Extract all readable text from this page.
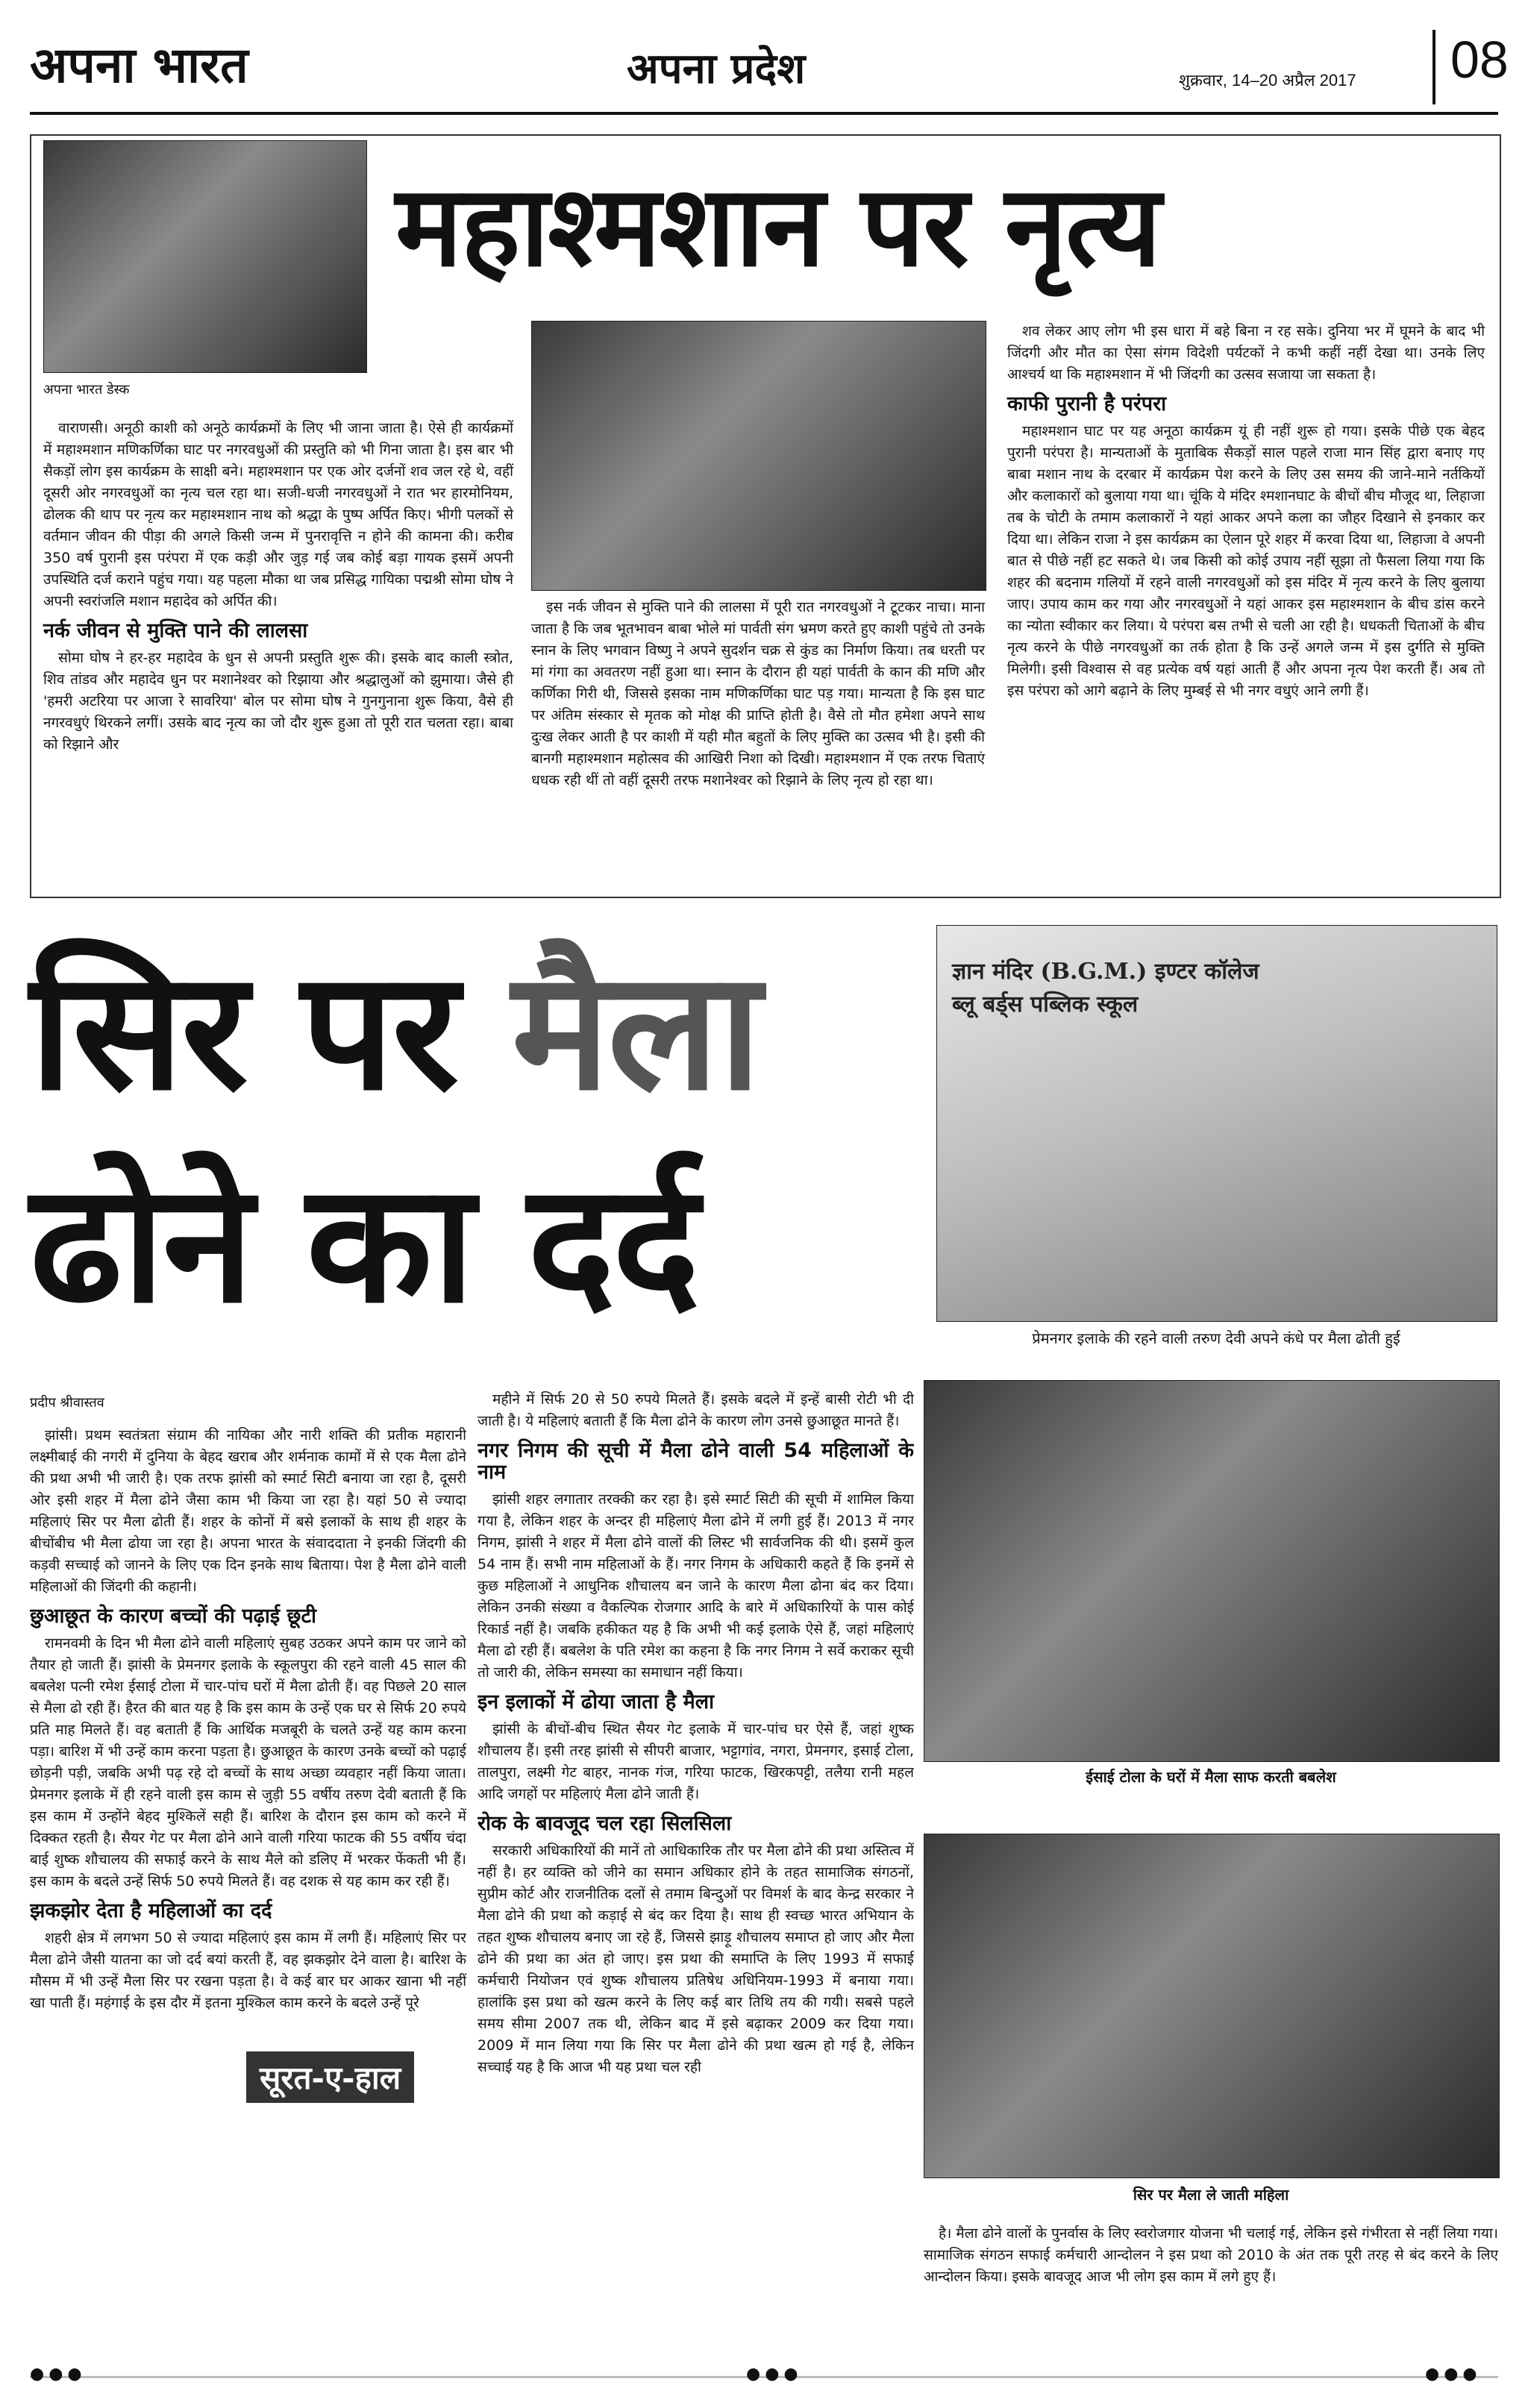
अपना भारत	अपना प्रदेश	शुक्रवार, 14–20 अप्रैल 2017	08
अपना भारत डेस्क
महाश्मशान पर नृत्य

वाराणसी। अनूठी काशी को अनूठे कार्यक्रमों के लिए भी जाना जाता है। ऐसे ही कार्यक्रमों में महाश्मशान मणिकर्णिका घाट पर नगरवधुओं की प्रस्तुति को भी गिना जाता है। इस बार भी सैकड़ों लोग इस कार्यक्रम के साक्षी बने। महाश्मशान पर एक ओर दर्जनों शव जल रहे थे, वहीं दूसरी ओर नगरवधुओं का नृत्य चल रहा था। सजी-धजी नगरवधुओं ने रात भर हारमोनियम, ढोलक की थाप पर नृत्य कर महाश्मशान नाथ को श्रद्धा के पुष्प अर्पित किए। भीगी पलकों से वर्तमान जीवन की पीड़ा की अगले किसी जन्म में पुनरावृत्ति न होने की कामना की। करीब 350 वर्ष पुरानी इस परंपरा में एक कड़ी और जुड़ गई जब कोई बड़ा गायक इसमें अपनी उपस्थिति दर्ज कराने पहुंच गया। यह पहला मौका था जब प्रसिद्ध गायिका पद्मश्री सोमा घोष ने अपनी स्वरांजलि मशान महादेव को अर्पित की।

नर्क जीवन से मुक्ति पाने की लालसा

सोमा घोष ने हर-हर महादेव के धुन से अपनी प्रस्तुति शुरू की। इसके बाद काली स्त्रोत, शिव तांडव और महादेव धुन पर मशानेश्वर को रिझाया और श्रद्धालुओं को झुमाया। जैसे ही 'हमरी अटरिया पर आजा रे सावरिया' बोल पर सोमा घोष ने गुनगुनाना शुरू किया, वैसे ही नगरवधुएं थिरकने लगीं। उसके बाद नृत्य का जो दौर शुरू हुआ तो पूरी रात चलता रहा। बाबा को रिझाने और

इस नर्क जीवन से मुक्ति पाने की लालसा में पूरी रात नगरवधुओं ने टूटकर नाचा। माना जाता है कि जब भूतभावन बाबा भोले मां पार्वती संग भ्रमण करते हुए काशी पहुंचे तो उनके स्नान के लिए भगवान विष्णु ने अपने सुदर्शन चक्र से कुंड का निर्माण किया। तब धरती पर मां गंगा का अवतरण नहीं हुआ था। स्नान के दौरान ही यहां पार्वती के कान की मणि और कर्णिका गिरी थी, जिससे इसका नाम मणिकर्णिका घाट पड़ गया। मान्यता है कि इस घाट पर अंतिम संस्कार से मृतक को मोक्ष की प्राप्ति होती है। वैसे तो मौत हमेशा अपने साथ दुःख लेकर आती है पर काशी में यही मौत बहुतों के लिए मुक्ति का उत्सव भी है। इसी की बानगी महाश्मशान महोत्सव की आखिरी निशा को दिखी। महाश्मशान में एक तरफ चिताएं धधक रही थीं तो वहीं दूसरी तरफ मशानेश्वर को रिझाने के लिए नृत्य हो रहा था।

शव लेकर आए लोग भी इस धारा में बहे बिना न रह सके। दुनिया भर में घूमने के बाद भी जिंदगी और मौत का ऐसा संगम विदेशी पर्यटकों ने कभी कहीं नहीं देखा था। उनके लिए आश्चर्य था कि महाश्मशान में भी जिंदगी का उत्सव सजाया जा सकता है।

काफी पुरानी है परंपरा

महाश्मशान घाट पर यह अनूठा कार्यक्रम यूं ही नहीं शुरू हो गया। इसके पीछे एक बेहद पुरानी परंपरा है। मान्यताओं के मुताबिक सैकड़ों साल पहले राजा मान सिंह द्वारा बनाए गए बाबा मशान नाथ के दरबार में कार्यक्रम पेश करने के लिए उस समय की जाने-माने नर्तकियों और कलाकारों को बुलाया गया था। चूंकि ये मंदिर श्मशानघाट के बीचों बीच मौजूद था, लिहाजा तब के चोटी के तमाम कलाकारों ने यहां आकर अपने कला का जौहर दिखाने से इनकार कर दिया था। लेकिन राजा ने इस कार्यक्रम का ऐलान पूरे शहर में करवा दिया था, लिहाजा वे अपनी बात से पीछे नहीं हट सकते थे। जब किसी को कोई उपाय नहीं सूझा तो फैसला लिया गया कि शहर की बदनाम गलियों में रहने वाली नगरवधुओं को इस मंदिर में नृत्य करने के लिए बुलाया जाए। उपाय काम कर गया और नगरवधुओं ने यहां आकर इस महाश्मशान के बीच डांस करने का न्योता स्वीकार कर लिया। ये परंपरा बस तभी से चली आ रही है। धधकती चिताओं के बीच नृत्य करने के पीछे नगरवधुओं का तर्क होता है कि उन्हें अगले जन्म में इस दुर्गति से मुक्ति मिलेगी। इसी विश्वास से वह प्रत्येक वर्ष यहां आती हैं और अपना नृत्य पेश करती हैं। अब तो इस परंपरा को आगे बढ़ाने के लिए मुम्बई से भी नगर वधुएं आने लगी हैं।

सिर पर मैला
ढोने का दर्द
ज्ञान मंदिर (B.G.M.) इण्टर कॉलेज ब्लू बर्ड्स पब्लिक स्कूल
प्रेमनगर इलाके की रहने वाली तरुण देवी अपने कंधे पर मैला ढोती हुई
ईसाई टोला के घरों में मैला साफ करती बबलेश
सिर पर मैला ले जाती महिला
प्रदीप श्रीवास्तव

झांसी। प्रथम स्वतंत्रता संग्राम की नायिका और नारी शक्ति की प्रतीक महारानी लक्ष्मीबाई की नगरी में दुनिया के बेहद खराब और शर्मनाक कामों में से एक मैला ढोने की प्रथा अभी भी जारी है। एक तरफ झांसी को स्मार्ट सिटी बनाया जा रहा है, दूसरी ओर इसी शहर में मैला ढोने जैसा काम भी किया जा रहा है। यहां 50 से ज्यादा महिलाएं सिर पर मैला ढोती हैं। शहर के कोनों में बसे इलाकों के साथ ही शहर के बीचोंबीच भी मैला ढोया जा रहा है। अपना भारत के संवाददाता ने इनकी जिंदगी की कड़वी सच्चाई को जानने के लिए एक दिन इनके साथ बिताया। पेश है मैला ढोने वाली महिलाओं की जिंदगी की कहानी।

छुआछूत के कारण बच्चों की पढ़ाई छूटी

रामनवमी के दिन भी मैला ढोने वाली महिलाएं सुबह उठकर अपने काम पर जाने को तैयार हो जाती हैं। झांसी के प्रेमनगर इलाके के स्कूलपुरा की रहने वाली 45 साल की बबलेश पत्नी रमेश ईसाई टोला में चार-पांच घरों में मैला ढोती हैं। वह पिछले 20 साल से मैला ढो रही हैं। हैरत की बात यह है कि इस काम के उन्हें एक घर से सिर्फ 20 रुपये प्रति माह मिलते हैं। वह बताती हैं कि आर्थिक मजबूरी के चलते उन्हें यह काम करना पड़ा। बारिश में भी उन्हें काम करना पड़ता है। छुआछूत के कारण उनके बच्चों को पढ़ाई छोड़नी पड़ी, जबकि अभी पढ़ रहे दो बच्चों के साथ अच्छा व्यवहार नहीं किया जाता। प्रेमनगर इलाके में ही रहने वाली इस काम से जुड़ी 55 वर्षीय तरुण देवी बताती हैं कि इस काम में उन्होंने बेहद मुश्किलें सही हैं। बारिश के दौरान इस काम को करने में दिक्कत रहती है। सैयर गेट पर मैला ढोने आने वाली गरिया फाटक की 55 वर्षीय चंदा बाई शुष्क शौचालय की सफाई करने के साथ मैले को डलिए में भरकर फेंकती भी हैं। इस काम के बदले उन्हें सिर्फ 50 रुपये मिलते हैं। वह दशक से यह काम कर रही हैं।

झकझोर देता है महिलाओं का दर्द

शहरी क्षेत्र में लगभग 50 से ज्यादा महिलाएं इस काम में लगी हैं। महिलाएं सिर पर मैला ढोने जैसी यातना का जो दर्द बयां करती हैं, वह झकझोर देने वाला है। बारिश के मौसम में भी उन्हें मैला सिर पर रखना पड़ता है। वे कई बार घर आकर खाना भी नहीं खा पाती हैं। महंगाई के इस दौर में इतना मुश्किल काम करने के बदले उन्हें पूरे

सूरत-ए-हाल

महीने में सिर्फ 20 से 50 रुपये मिलते हैं। इसके बदले में इन्हें बासी रोटी भी दी जाती है। ये महिलाएं बताती हैं कि मैला ढोने के कारण लोग उनसे छुआछूत मानते हैं।

नगर निगम की सूची में मैला ढोने वाली 54 महिलाओं के नाम

झांसी शहर लगातार तरक्की कर रहा है। इसे स्मार्ट सिटी की सूची में शामिल किया गया है, लेकिन शहर के अन्दर ही महिलाएं मैला ढोने में लगी हुई हैं। 2013 में नगर निगम, झांसी ने शहर में मैला ढोने वालों की लिस्ट भी सार्वजनिक की थी। इसमें कुल 54 नाम हैं। सभी नाम महिलाओं के हैं। नगर निगम के अधिकारी कहते हैं कि इनमें से कुछ महिलाओं ने आधुनिक शौचालय बन जाने के कारण मैला ढोना बंद कर दिया। लेकिन उनकी संख्या व वैकल्पिक रोजगार आदि के बारे में अधिकारियों के पास कोई रिकार्ड नहीं है। जबकि हकीकत यह है कि अभी भी कई इलाके ऐसे हैं, जहां महिलाएं मैला ढो रही हैं। बबलेश के पति रमेश का कहना है कि नगर निगम ने सर्वे कराकर सूची तो जारी की, लेकिन समस्या का समाधान नहीं किया।

इन इलाकों में ढोया जाता है मैला

झांसी के बीचों-बीच स्थित सैयर गेट इलाके में चार-पांच घर ऐसे हैं, जहां शुष्क शौचालय हैं। इसी तरह झांसी से सीपरी बाजार, भट्टागांव, नगरा, प्रेमनगर, इसाई टोला, तालपुरा, लक्ष्मी गेट बाहर, नानक गंज, गरिया फाटक, खिरकपट्टी, तलैया रानी महल आदि जगहों पर महिलाएं मैला ढोने जाती हैं।

रोक के बावजूद चल रहा सिलसिला

सरकारी अधिकारियों की मानें तो आधिकारिक तौर पर मैला ढोने की प्रथा अस्तित्व में नहीं है। हर व्यक्ति को जीने का समान अधिकार होने के तहत सामाजिक संगठनों, सुप्रीम कोर्ट और राजनीतिक दलों से तमाम बिन्दुओं पर विमर्श के बाद केन्द्र सरकार ने मैला ढोने की प्रथा को कड़ाई से बंद कर दिया है। साथ ही स्वच्छ भारत अभियान के तहत शुष्क शौचालय बनाए जा रहे हैं, जिससे झाड़ू शौचालय समाप्त हो जाए और मैला ढोने की प्रथा का अंत हो जाए। इस प्रथा की समाप्ति के लिए 1993 में सफाई कर्मचारी नियोजन एवं शुष्क शौचालय प्रतिषेध अधिनियम-1993 में बनाया गया। हालांकि इस प्रथा को खत्म करने के लिए कई बार तिथि तय की गयी। सबसे पहले समय सीमा 2007 तक थी, लेकिन बाद में इसे बढ़ाकर 2009 कर दिया गया। 2009 में मान लिया गया कि सिर पर मैला ढोने की प्रथा खत्म हो गई है, लेकिन सच्चाई यह है कि आज भी यह प्रथा चल रही

है। मैला ढोने वालों के पुनर्वास के लिए स्वरोजगार योजना भी चलाई गई, लेकिन इसे गंभीरता से नहीं लिया गया। सामाजिक संगठन सफाई कर्मचारी आन्दोलन ने इस प्रथा को 2010 के अंत तक पूरी तरह से बंद करने के लिए आन्दोलन किया। इसके बावजूद आज भी लोग इस काम में लगे हुए हैं।

●●●	●●●	●●●
